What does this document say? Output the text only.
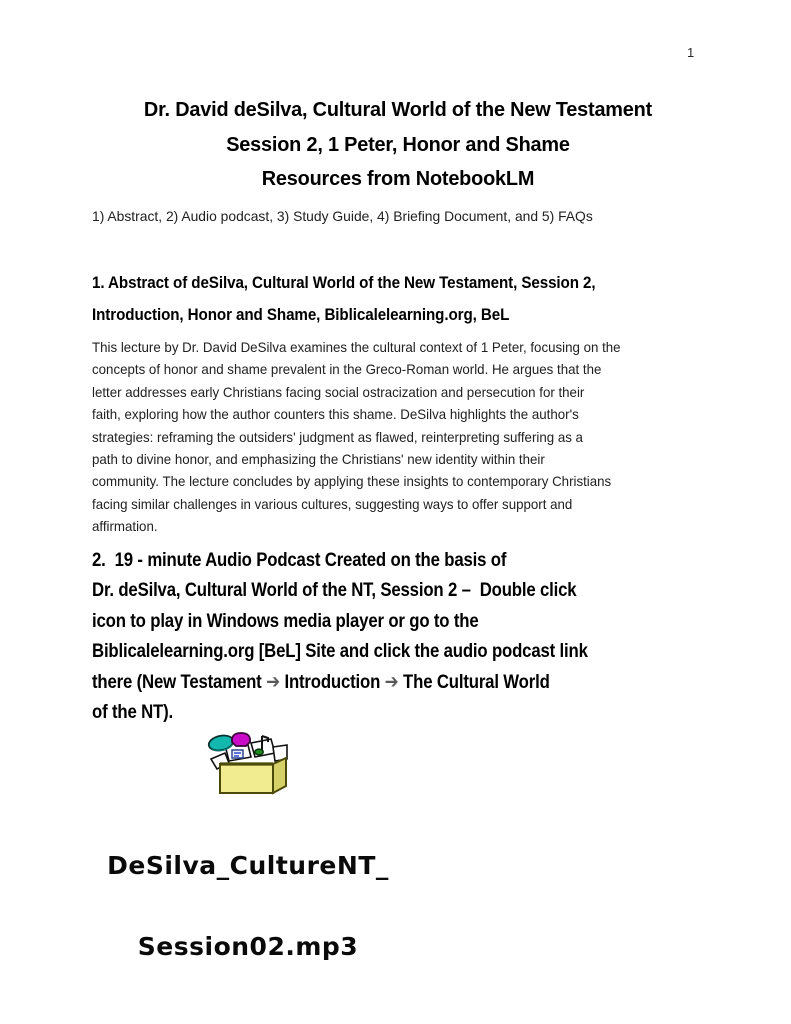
1
Dr. David deSilva, Cultural World of the New Testament
Session 2, 1 Peter, Honor and Shame
Resources from NotebookLM
1) Abstract, 2) Audio podcast, 3) Study Guide, 4) Briefing Document, and 5) FAQs
1. Abstract of deSilva, Cultural World of the New Testament, Session 2,
Introduction, Honor and Shame, Biblicalelearning.org, BeL
This lecture by Dr. David DeSilva examines the cultural context of 1 Peter, focusing on the
concepts of honor and shame prevalent in the Greco-Roman world. He argues that the
letter addresses early Christians facing social ostracization and persecution for their
faith, exploring how the author counters this shame. DeSilva highlights the author's
strategies: reframing the outsiders' judgment as flawed, reinterpreting suffering as a
path to divine honor, and emphasizing the Christians' new identity within their
community. The lecture concludes by applying these insights to contemporary Christians
facing similar challenges in various cultures, suggesting ways to offer support and
affirmation.
2.  19 - minute Audio Podcast Created on the basis of
Dr. deSilva, Cultural World of the NT, Session 2 –  Double click
icon to play in Windows media player or go to the
Biblicalelearning.org [BeL] Site and click the audio podcast link
there (New Testament ➔ Introduction ➔ The Cultural World
of the NT).

DeSilva_CultureNT_

Session02.mp3
